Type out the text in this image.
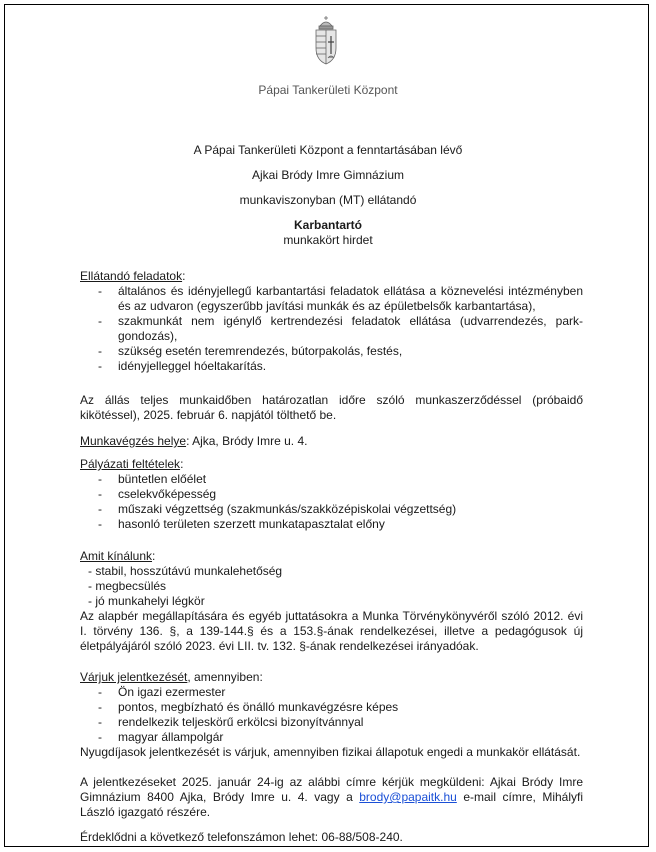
Pápai Tankerületi Központ
A Pápai Tankerületi Központ a fenntartásában lévő
Ajkai Bródy Imre Gimnázium
munkaviszonyban (MT) ellátandó
Karbantartó
munkakört hirdet
Ellátandó feladatok:
- általános és idényjellegű karbantartási feladatok ellátása a köznevelési intézményben és az udvaron (egyszerűbb javítási munkák és az épületbelsők karbantartása),
- szakmunkát nem igénylő kertrendezési feladatok ellátása (udvarrendezés, park-gondozás),
- szükség esetén teremrendezés, bútorpakolás, festés,
- idényjelleggel hóeltakarítás.
Az állás teljes munkaidőben határozatlan időre szóló munkaszerződéssel (próbaidő kikötéssel), 2025. február 6. napjától tölthető be.
Munkavégzés helye: Ajka, Bródy Imre u. 4.
Pályázati feltételek:
- büntetlen előélet
- cselekvőképesség
- műszaki végzettség (szakmunkás/szakközépiskolai végzettség)
- hasonló területen szerzett munkatapasztalat előny
Amit kínálunk:
- stabil, hosszútávú munkalehetőség
- megbecsülés
- jó munkahelyi légkör
Az alapbér megállapítására és egyéb juttatásokra a Munka Törvénykönyvéről szóló 2012. évi I. törvény 136. §, a 139-144.§ és a 153.§-ának rendelkezései, illetve a pedagógusok új életpályájáról szóló 2023. évi LII. tv. 132. §-ának rendelkezései irányadóak.
Várjuk jelentkezését, amennyiben:
- Ön igazi ezermester
- pontos, megbízható és önálló munkavégzésre képes
- rendelkezik teljeskörű erkölcsi bizonyítvánnyal
- magyar állampolgár
Nyugdíjasok jelentkezését is várjuk, amennyiben fizikai állapotuk engedi a munkakör ellátását.
A jelentkezéseket 2025. január 24-ig az alábbi címre kérjük megküldeni: Ajkai Bródy Imre Gimnázium 8400 Ajka, Bródy Imre u. 4. vagy a brody@papaitk.hu e-mail címre, Mihályfi László igazgató részére.
Érdeklődni a következő telefonszámon lehet: 06-88/508-240.
